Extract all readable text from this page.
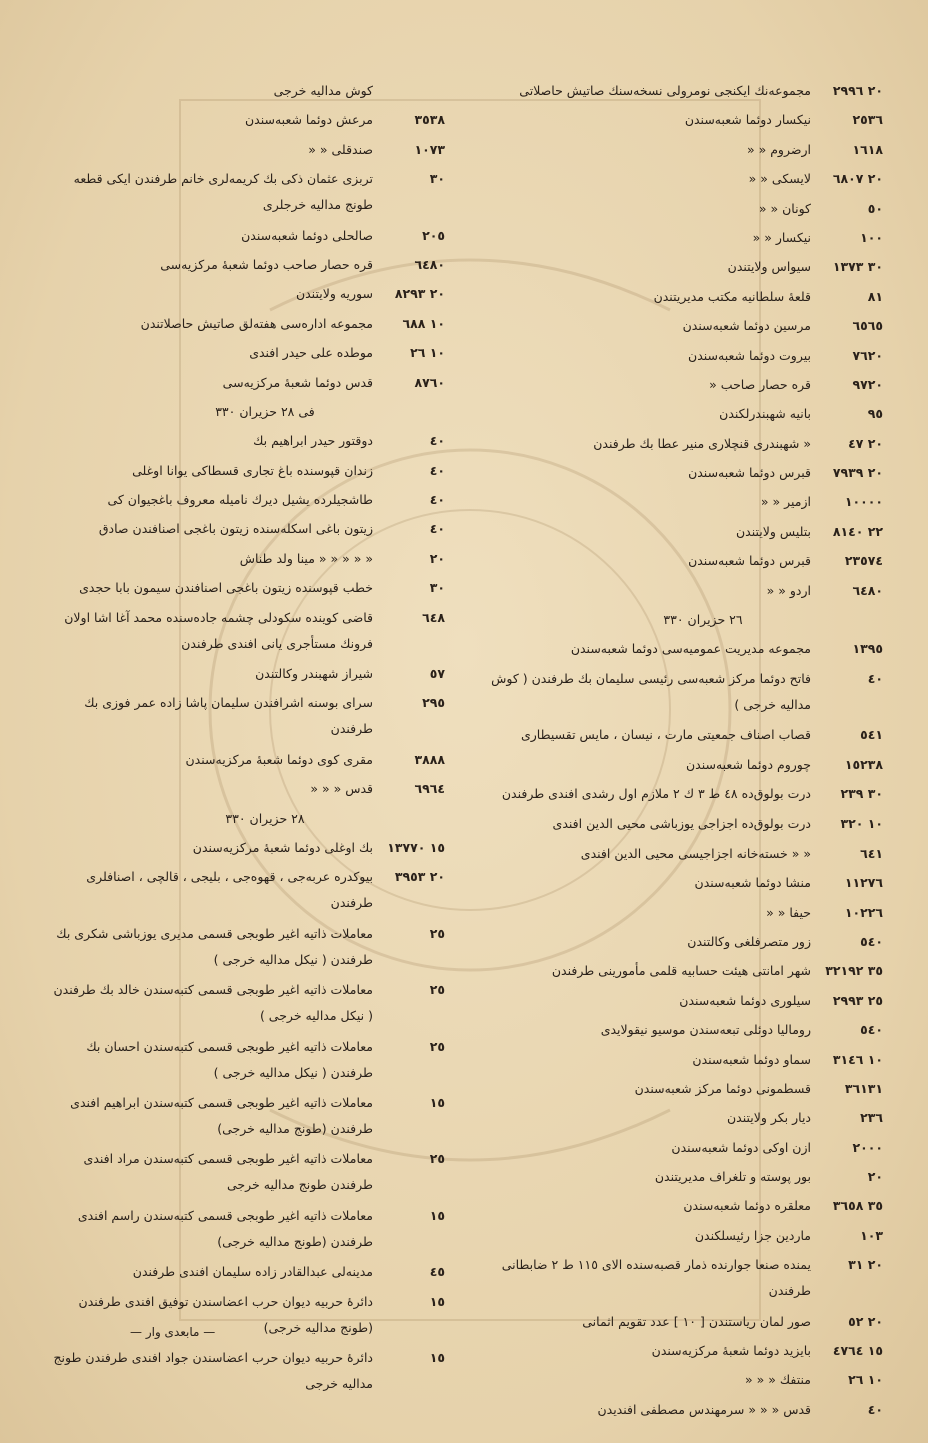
٢٠ ٢٩٩٦
مجموعه‌نك ايكنجی نومرولی نسخه‌سنك صاتيش حاصلاتی
٢٥٣٦
نيكسار دوئما شعبه‌سندن
١٦١٨
ارضروم « «
٢٠ ٦٨٠٧
لايسكی « «
٥٠
كونان « «
١٠٠
نيكسار « «
٣٠ ١٣٧٣
سيواس ولايتندن
٨١
قلعهٔ سلطانيه مكتب مديريتندن
٦٥٦٥
مرسين دوئما شعبه‌سندن
٧٦٢٠
بيروت دوئما شعبه‌سندن
٩٧٢٠
قره حصار صاحب «
٩٥
بانيه شهبندرلكندن
٢٠ ٤٧
« شهبندری قنچلاری منير عطا بك طرفندن
٢٠ ٧٩٣٩
قبرس دوئما شعبه‌سندن
١٠٠٠٠
ازمير « «
٢٢ ٨١٤٠
بتليس ولايتندن
٢٣٥٧٤
قبرس دوئما شعبه‌سندن
٦٤٨٠
اردو « «
٢٦ حزيران ٣٣٠
١٣٩٥
مجموعه مديريت عموميه‌سی دوئما شعبه‌سندن
٤٠
فاتح دوئما مركز شعبه‌سی رئيسی سليمان بك طرفندن ( كوش مداليه خرجی )
٥٤١
قصاب اصناف جمعيتی مارت ، نيسان ، مايس تقسيطاری
١٥٢٣٨
چوروم دوئما شعبه‌سندن
٣٠ ٢٣٩
درت بولوق‌ده ٤٨ ط ٣ ك ٢ ملازم اول رشدی افندی طرفندن
١٠ ٣٢٠
درت بولوق‌ده اجزاجی يوزباشی محيی الدين افندی
٦٤١
« « خسته‌خانه اجزاجيسی محيی الدين افندی
١١٢٧٦
منشا دوئما شعبه‌سندن
١٠٢٢٦
حيفا « «
٥٤٠
زور متصرفلغی وكالتندن
٣٥ ٣٢١٩٢
شهر امانتی هيئت حسابيه قلمی مأمورينی طرفندن
٢٥ ٢٩٩٣
سيلوری دوئما شعبه‌سندن
٥٤٠
روماليا دوئلی تبعه‌سندن موسيو نيقولايدی
١٠ ٣١٤٦
سماو دوئما شعبه‌سندن
٣٦١٣١
قسطمونی دوئما مركز شعبه‌سندن
٢٣٦
ديار بكر ولايتندن
٢٠٠٠
ازن اوكی دوئما شعبه‌سندن
٢٠
بور پوسته و تلغراف مديريتندن
٣٥ ٣٦٥٨
معلقره دوئما شعبه‌سندن
١٠٣
ماردين جزا رئيسلكندن
٢٠ ٣١
يمنده صنعا جوارنده ذمار قصبه‌سنده الای ١١٥ ط ٢ ضابطانی طرفندن
٢٠ ٥٢
صور لمان رياستندن [ ١٠ ] عدد تقويم اثمانی
١٥ ٤٧٦٤
بايزيد دوئما شعبهٔ مركزيه‌سندن
١٠ ٢٦
منتفك « « «
٤٠
قدس « « « سرمهندس مصطفی افنديدن
كوش مداليه خرجی
٣٥٣٨
مرعش دوئما شعبه‌سندن
١٠٧٣
صندقلی « «
٣٠
تربزی عثمان ذكی بك كريمه‌لری خانم طرفندن ايكی قطعه طونج مداليه خرجلری
٢٠٥
صالحلی دوئما شعبه‌سندن
٦٤٨٠
قره حصار صاحب دوئما شعبهٔ مركزيه‌سی
٢٠ ٨٢٩٣
سوريه ولايتندن
١٠ ٦٨٨
مجموعه اداره‌سی هفته‌لق صاتيش حاصلاتندن
١٠ ٢٦
موطده علی حيدر افندی
٨٧٦٠
قدس دوئما شعبهٔ مركزيه‌سی
فی ٢٨ حزيران ٣٣٠
٤٠
دوقتور حيدر ابراهيم بك
٤٠
زندان قپوسنده باغ تجاری قسطاكی يوانا اوغلی
٤٠
طاشجيلرده يشيل ديرك ناميله معروف باغجيوان كی
٤٠
زيتون باغی اسكله‌سنده زيتون باغجی اصنافندن صادق
٢٠
« « « « « مينا ولد طناش
٣٠
خطب قپوسنده زيتون باغجی اصنافندن سيمون بابا حجدی
٦٤٨
قاضی كوينده سكودلی چشمه جاده‌سنده محمد آغا اشا اولان فرونك مستأجری يانی افندی طرفندن
٥٧
شيراز شهبندر وكالتندن
٢٩٥
سرای بوسنه اشرافندن سليمان پاشا زاده عمر فوزی بك طرفندن
٣٨٨٨
مقری كوی دوئما شعبهٔ مركزيه‌سندن
٦٩٦٤
قدس « « «
٢٨ حزيران ٣٣٠
١٥ ١٣٧٧٠
بك اوغلی دوئما شعبهٔ مركزيه‌سندن
٢٠ ٣٩٥٣
بيوكدره عربه‌جی ، قهوه‌جی ، بليجی ، قالچی ، اصنافلری طرفندن
٢٥
معاملات ذاتيه اغير طوبجی قسمی مديری يوزباشی شكری بك طرفندن ( نيكل مداليه خرجی )
٢٥
معاملات ذاتيه اغير طوبجی قسمی كتبه‌سندن خالد بك طرفندن ( نيكل مداليه خرجی )
٢٥
معاملات ذاتيه اغير طوبجی قسمی كتبه‌سندن احسان بك طرفندن ( نيكل مداليه خرجی )
١٥
معاملات ذاتيه اغير طوبجی قسمی كتبه‌سندن ابراهيم افندی طرفندن (طونج مداليه خرجی)
٢٥
معاملات ذاتيه اغير طوبجی قسمی كتبه‌سندن مراد افندی طرفندن طونج مداليه خرجی
١٥
معاملات ذاتيه اغير طوبجی قسمی كتبه‌سندن راسم افندی طرفندن (طونج مداليه خرجی)
٤٥
مدينه‌لی عبدالقادر زاده سليمان افندی طرفندن
١٥
دائرهٔ حربيه ديوان حرب اعضاسندن توفيق افندی طرفندن (طونج مداليه خرجی)
١٥
دائرهٔ حربيه ديوان حرب اعضاسندن جواد افندی طرفندن طونج مداليه خرجی
— مابعدی وار —
